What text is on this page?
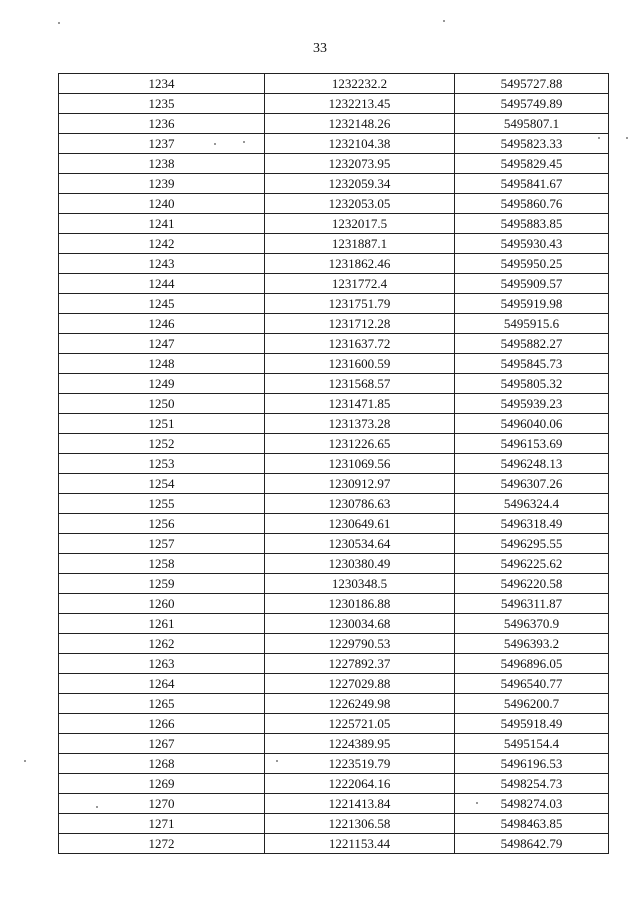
33
1234	1232232.2	5495727.88
1235	1232213.45	5495749.89
1236	1232148.26	5495807.1
1237	1232104.38	5495823.33
1238	1232073.95	5495829.45
1239	1232059.34	5495841.67
1240	1232053.05	5495860.76
1241	1232017.5	5495883.85
1242	1231887.1	5495930.43
1243	1231862.46	5495950.25
1244	1231772.4	5495909.57
1245	1231751.79	5495919.98
1246	1231712.28	5495915.6
1247	1231637.72	5495882.27
1248	1231600.59	5495845.73
1249	1231568.57	5495805.32
1250	1231471.85	5495939.23
1251	1231373.28	5496040.06
1252	1231226.65	5496153.69
1253	1231069.56	5496248.13
1254	1230912.97	5496307.26
1255	1230786.63	5496324.4
1256	1230649.61	5496318.49
1257	1230534.64	5496295.55
1258	1230380.49	5496225.62
1259	1230348.5	5496220.58
1260	1230186.88	5496311.87
1261	1230034.68	5496370.9
1262	1229790.53	5496393.2
1263	1227892.37	5496896.05
1264	1227029.88	5496540.77
1265	1226249.98	5496200.7
1266	1225721.05	5495918.49
1267	1224389.95	5495154.4
1268	1223519.79	5496196.53
1269	1222064.16	5498254.73
1270	1221413.84	5498274.03
1271	1221306.58	5498463.85
1272	1221153.44	5498642.79
